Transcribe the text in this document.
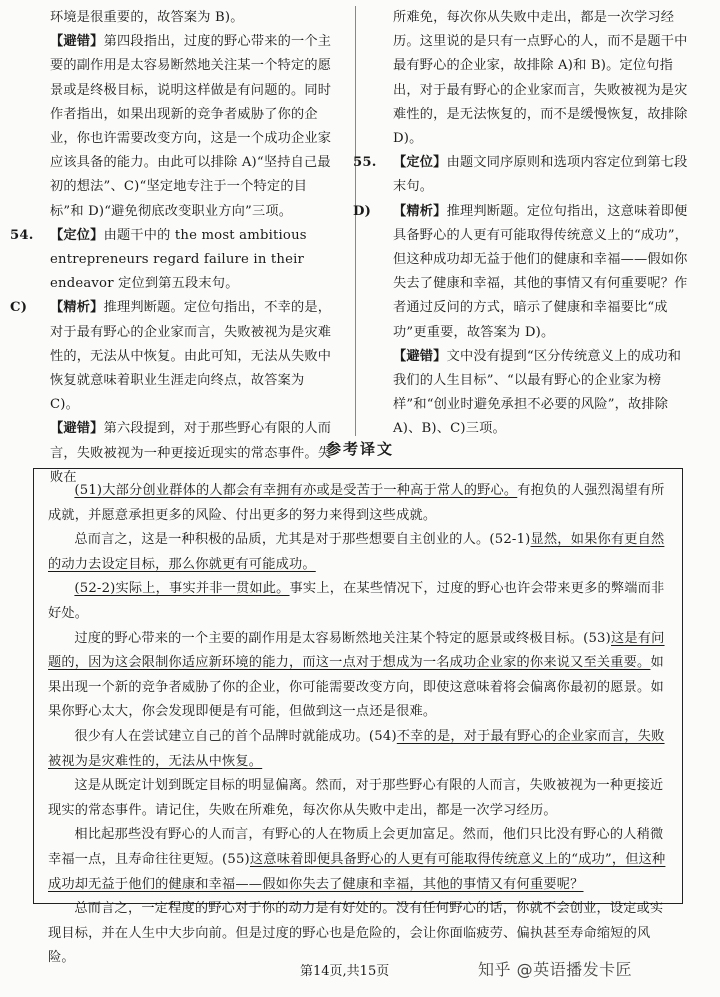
环境是很重要的，故答案为 B)。

【避错】第四段指出，过度的野心带来的一个主要的副作用是太容易断然地关注某一个特定的愿景或是终极目标，说明这样做是有问题的。同时作者指出，如果出现新的竞争者威胁了你的企业，你也许需要改变方向，这是一个成功企业家应该具备的能力。由此可以排除 A)“坚持自己最初的想法”、C)“坚定地专注于一个特定的目标”和 D)“避免彻底改变职业方向”三项。

54. 【定位】由题干中的 the most ambitious entrepreneurs regard failure in their endeavor 定位到第五段末句。

C) 【精析】推理判断题。定位句指出，不幸的是，对于最有野心的企业家而言，失败被视为是灾难性的，无法从中恢复。由此可知，无法从失败中恢复就意味着职业生涯走向终点，故答案为 C)。

【避错】第六段提到，对于那些野心有限的人而言，失败被视为一种更接近现实的常态事件。失败在

所难免，每次你从失败中走出，都是一次学习经历。这里说的是只有一点野心的人，而不是题干中最有野心的企业家，故排除 A)和 B)。定位句指出，对于最有野心的企业家而言，失败被视为是灾难性的，是无法恢复的，而不是缓慢恢复，故排除 D)。

55. 【定位】由题文同序原则和选项内容定位到第七段末句。

D) 【精析】推理判断题。定位句指出，这意味着即便具备野心的人更有可能取得传统意义上的“成功”，但这种成功却无益于他们的健康和幸福——假如你失去了健康和幸福，其他的事情又有何重要呢？作者通过反问的方式，暗示了健康和幸福要比“成功”更重要，故答案为 D)。

【避错】文中没有提到“区分传统意义上的成功和我们的人生目标”、“以最有野心的企业家为榜样”和“创业时避免承担不必要的风险”，故排除 A)、B)、C)三项。

参考译文

(51)大部分创业群体的人都会有幸拥有亦或是受苦于一种高于常人的野心。有抱负的人强烈渴望有所成就，并愿意承担更多的风险、付出更多的努力来得到这些成就。

总而言之，这是一种积极的品质，尤其是对于那些想要自主创业的人。(52-1)显然，如果你有更自然的动力去设定目标，那么你就更有可能成功。

(52-2)实际上，事实并非一贯如此。事实上，在某些情况下，过度的野心也许会带来更多的弊端而非好处。

过度的野心带来的一个主要的副作用是太容易断然地关注某个特定的愿景或终极目标。(53)这是有问题的，因为这会限制你适应新环境的能力，而这一点对于想成为一名成功企业家的你来说又至关重要。如果出现一个新的竞争者威胁了你的企业，你可能需要改变方向，即使这意味着将会偏离你最初的愿景。如果你野心太大，你会发现即便是有可能，但做到这一点还是很难。

很少有人在尝试建立自己的首个品牌时就能成功。(54)不幸的是，对于最有野心的企业家而言，失败被视为是灾难性的，无法从中恢复。

这是从既定计划到既定目标的明显偏离。然而，对于那些野心有限的人而言，失败被视为一种更接近现实的常态事件。请记住，失败在所难免，每次你从失败中走出，都是一次学习经历。

相比起那些没有野心的人而言，有野心的人在物质上会更加富足。然而，他们只比没有野心的人稍微幸福一点，且寿命往往更短。(55)这意味着即便具备野心的人更有可能取得传统意义上的“成功”，但这种成功却无益于他们的健康和幸福——假如你失去了健康和幸福，其他的事情又有何重要呢？

总而言之，一定程度的野心对于你的动力是有好处的。没有任何野心的话，你就不会创业，设定或实现目标，并在人生中大步向前。但是过度的野心也是危险的，会让你面临疲劳、偏执甚至寿命缩短的风险。

第14页,共15页	知乎 @英语播发卡匠
